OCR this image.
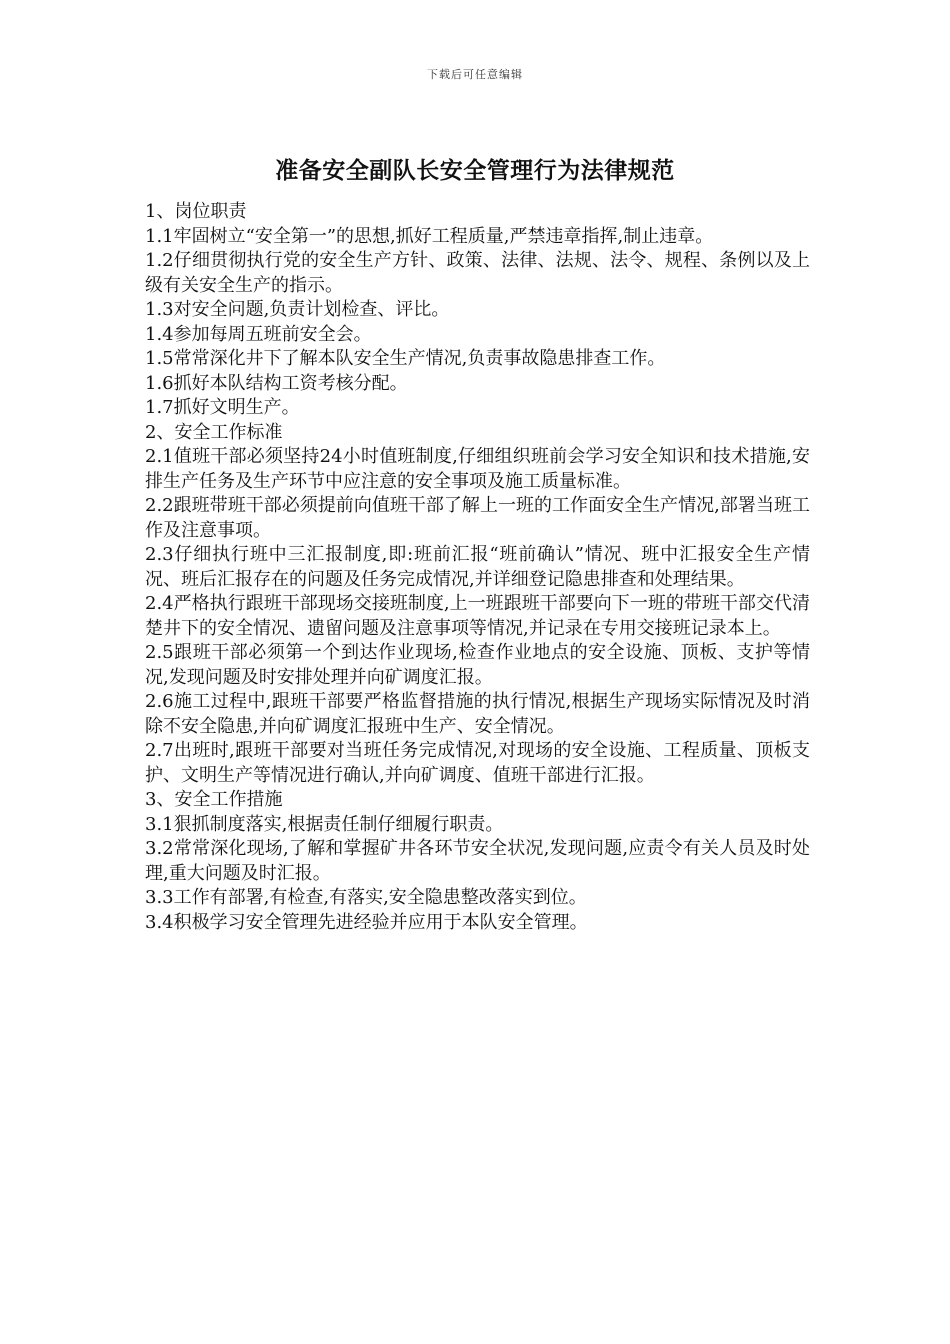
下载后可任意编辑
准备安全副队长安全管理行为法律规范

1、岗位职责

1.1牢固树立“安全第一”的思想,抓好工程质量,严禁违章指挥,制止违章。

1.2仔细贯彻执行党的安全生产方针、政策、法律、法规、法令、规程、条例以及上级有关安全生产的指示。

1.3对安全问题,负责计划检查、评比。

1.4参加每周五班前安全会。

1.5常常深化井下了解本队安全生产情况,负责事故隐患排查工作。

1.6抓好本队结构工资考核分配。

1.7抓好文明生产。

2、安全工作标准

2.1值班干部必须坚持24小时值班制度,仔细组织班前会学习安全知识和技术措施,安排生产任务及生产环节中应注意的安全事项及施工质量标准。

2.2跟班带班干部必须提前向值班干部了解上一班的工作面安全生产情况,部署当班工作及注意事项。

2.3仔细执行班中三汇报制度,即:班前汇报“班前确认”情况、班中汇报安全生产情况、班后汇报存在的问题及任务完成情况,并详细登记隐患排查和处理结果。

2.4严格执行跟班干部现场交接班制度,上一班跟班干部要向下一班的带班干部交代清楚井下的安全情况、遗留问题及注意事项等情况,并记录在专用交接班记录本上。

2.5跟班干部必须第一个到达作业现场,检查作业地点的安全设施、顶板、支护等情况,发现问题及时安排处理并向矿调度汇报。

2.6施工过程中,跟班干部要严格监督措施的执行情况,根据生产现场实际情况及时消除不安全隐患,并向矿调度汇报班中生产、安全情况。

2.7出班时,跟班干部要对当班任务完成情况,对现场的安全设施、工程质量、顶板支护、文明生产等情况进行确认,并向矿调度、值班干部进行汇报。

3、安全工作措施

3.1狠抓制度落实,根据责任制仔细履行职责。

3.2常常深化现场,了解和掌握矿井各环节安全状况,发现问题,应责令有关人员及时处理,重大问题及时汇报。

3.3工作有部署,有检查,有落实,安全隐患整改落实到位。

3.4积极学习安全管理先进经验并应用于本队安全管理。
